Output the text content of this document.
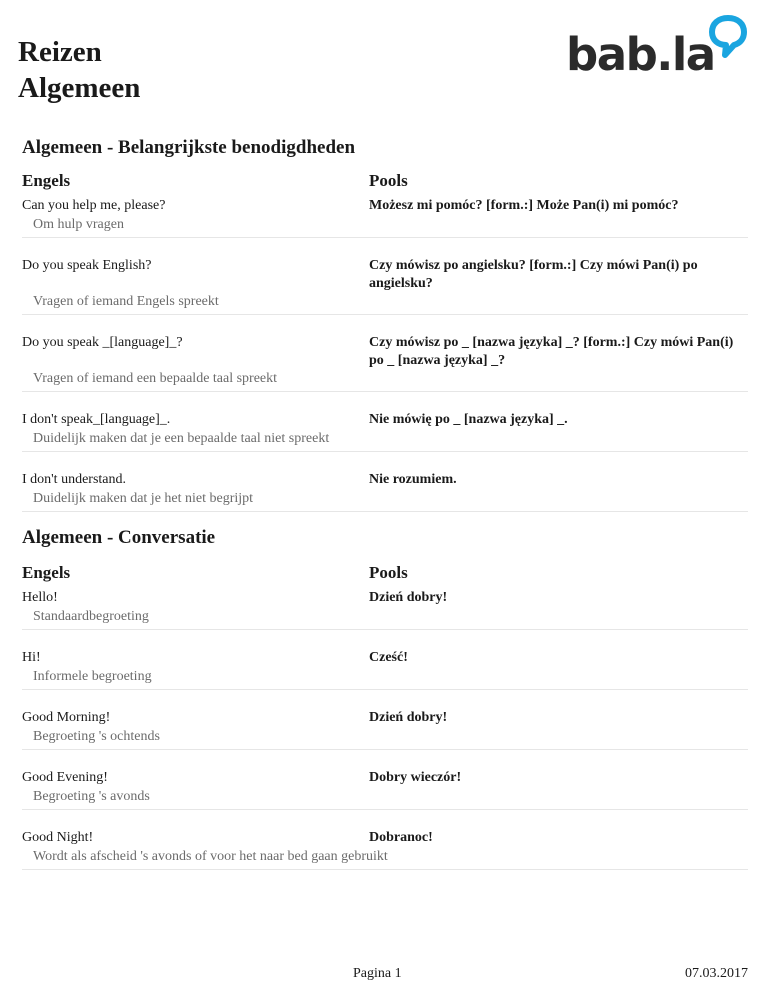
Reizen
Algemeen
bab.la
Algemeen - Belangrijkste benodigdheden
Engels	Pools
Can you help me, please?	Możesz mi pomóc? [form.:] Może Pan(i) mi pomóc?
Om hulp vragen
Do you speak English?	Czy mówisz po angielsku? [form.:] Czy mówi Pan(i) po angielsku?
Vragen of iemand Engels spreekt
Do you speak _[language]_?	Czy mówisz po _ [nazwa języka] _? [form.:] Czy mówi Pan(i) po _ [nazwa języka] _?
Vragen of iemand een bepaalde taal spreekt
I don't speak_[language]_.	Nie mówię po _ [nazwa języka] _.
Duidelijk maken dat je een bepaalde taal niet spreekt
I don't understand.	Nie rozumiem.
Duidelijk maken dat je het niet begrijpt
Algemeen - Conversatie
Engels	Pools
Hello!	Dzień dobry!
Standaardbegroeting
Hi!	Cześć!
Informele begroeting
Good Morning!	Dzień dobry!
Begroeting 's ochtends
Good Evening!	Dobry wieczór!
Begroeting 's avonds
Good Night!	Dobranoc!
Wordt als afscheid 's avonds of voor het naar bed gaan gebruikt
Pagina 1	07.03.2017
